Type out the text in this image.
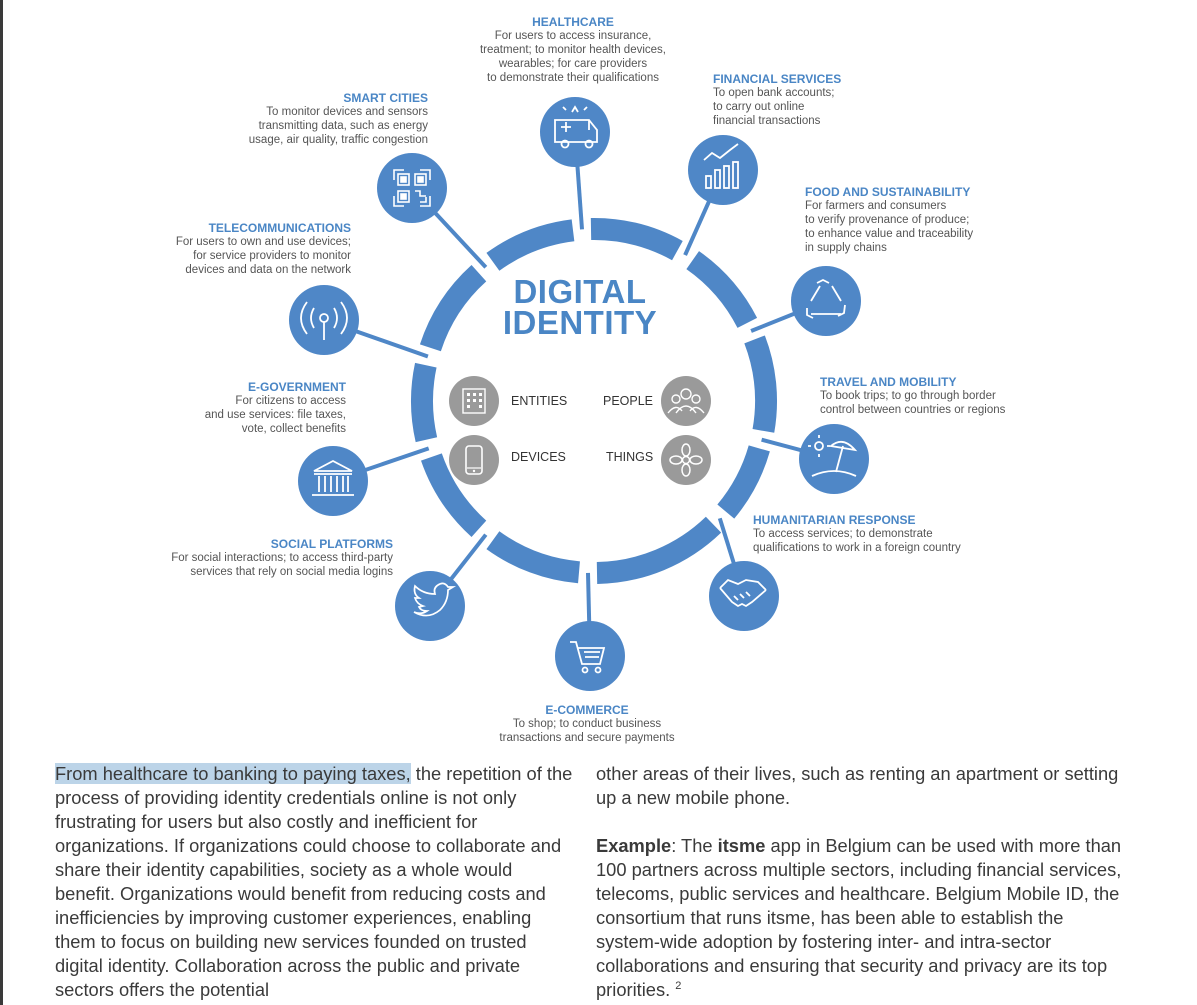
DIGITAL
IDENTITY
ENTITIES	PEOPLE
DEVICES	THINGS
HEALTHCARE
For users to access insurance,
treatment; to monitor health devices,
wearables; for care providers
to demonstrate their qualifications	FINANCIAL SERVICES
To open bank accounts;
to carry out online
financial transactions
FOOD AND SUSTAINABILITY
For farmers and consumers
to verify provenance of produce;
to enhance value and traceability
in supply chains
TRAVEL AND MOBILITY
To book trips; to go through border
control between countries or regions
HUMANITARIAN RESPONSE
To access services; to demonstrate
qualifications to work in a foreign country
E-COMMERCE
To shop; to conduct business
transactions and secure payments
SOCIAL PLATFORMS
For social interactions; to access third-party
services that rely on social media logins
E-GOVERNMENT
For citizens to access
and use services: file taxes,
vote, collect benefits
TELECOMMUNICATIONS
For users to own and use devices;
for service providers to monitor
devices and data on the network
SMART CITIES
To monitor devices and sensors
transmitting data, such as energy
usage, air quality, traffic congestion

From healthcare to banking to paying taxes, the repetition of the process of providing identity credentials online is not only frustrating for users but also costly and inefficient for organizations. If organizations could choose to collaborate and share their identity capabilities, society as a whole would benefit. Organizations would benefit from reducing costs and inefficiencies by improving customer experiences, enabling them to focus on building new services founded on trusted digital identity. Collaboration across the public and private sectors offers the potential

other areas of their lives, such as renting an apartment or setting up a new mobile phone.

Example: The itsme app in Belgium can be used with more than 100 partners across multiple sectors, including financial services, telecoms, public services and healthcare. Belgium Mobile ID, the consortium that runs itsme, has been able to establish the system-wide adoption by fostering inter- and intra-sector collaborations and ensuring that security and privacy are its top priorities. $^2$
